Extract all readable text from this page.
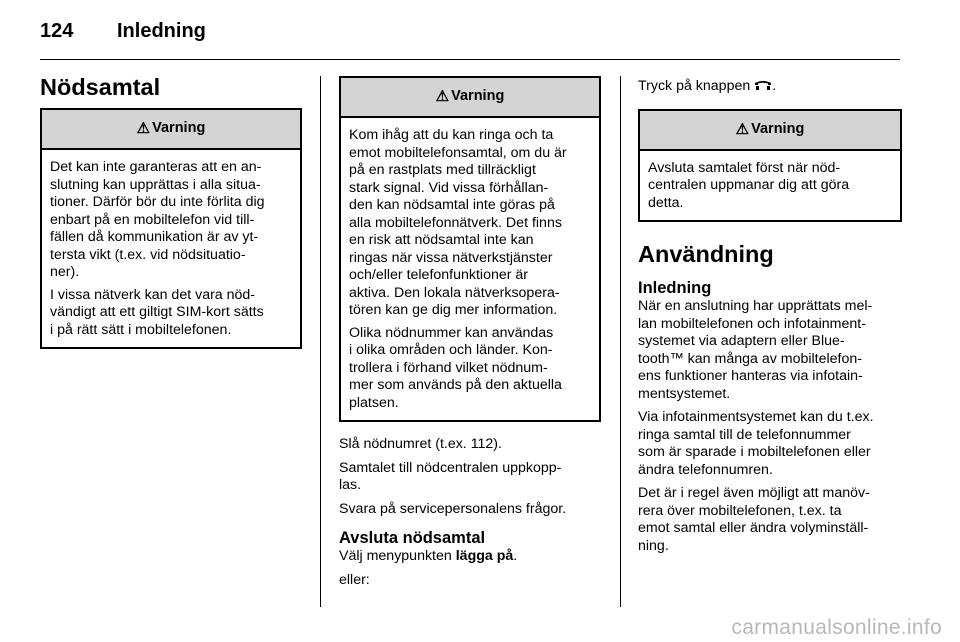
124 Inledning
Nödsamtal
⚠ Varning

Det kan inte garanteras att en an-
slutning kan upprättas i alla situa-
tioner. Därför bör du inte förlita dig
enbart på en mobiltelefon vid till-
fällen då kommunikation är av yt-
tersta vikt (t.ex. vid nödsituatio-
ner).

I vissa nätverk kan det vara nöd-
vändigt att ett giltigt SIM-kort sätts
i på rätt sätt i mobiltelefonen.

⚠ Varning

Kom ihåg att du kan ringa och ta
emot mobiltelefonsamtal, om du är
på en rastplats med tillräckligt
stark signal. Vid vissa förhållan-
den kan nödsamtal inte göras på
alla mobiltelefonnätverk. Det finns
en risk att nödsamtal inte kan
ringas när vissa nätverkstjänster
och/eller telefonfunktioner är
aktiva. Den lokala nätverksopera-
tören kan ge dig mer information.

Olika nödnummer kan användas
i olika områden och länder. Kon-
trollera i förhand vilket nödnum-
mer som används på den aktuella
platsen.

Slå nödnumret (t.ex. 112).

Samtalet till nödcentralen uppkopp-
las.

Svara på servicepersonalens frågor.

Avsluta nödsamtal

Välj menypunkten lägga på.

eller:

Tryck på knappen .

⚠ Varning

Avsluta samtalet först när nöd-
centralen uppmanar dig att göra
detta.

Användning
Inledning

När en anslutning har upprättats mel-
lan mobiltelefonen och infotainment-
systemet via adaptern eller Blue-
tooth™ kan många av mobiltelefon-
ens funktioner hanteras via infotain-
mentsystemet.

Via infotainmentsystemet kan du t.ex.
ringa samtal till de telefonnummer
som är sparade i mobiltelefonen eller
ändra telefonnumren.

Det är i regel även möjligt att manöv-
rera över mobiltelefonen, t.ex. ta
emot samtal eller ändra volyminställ-
ning.

carmanualsonline.info
